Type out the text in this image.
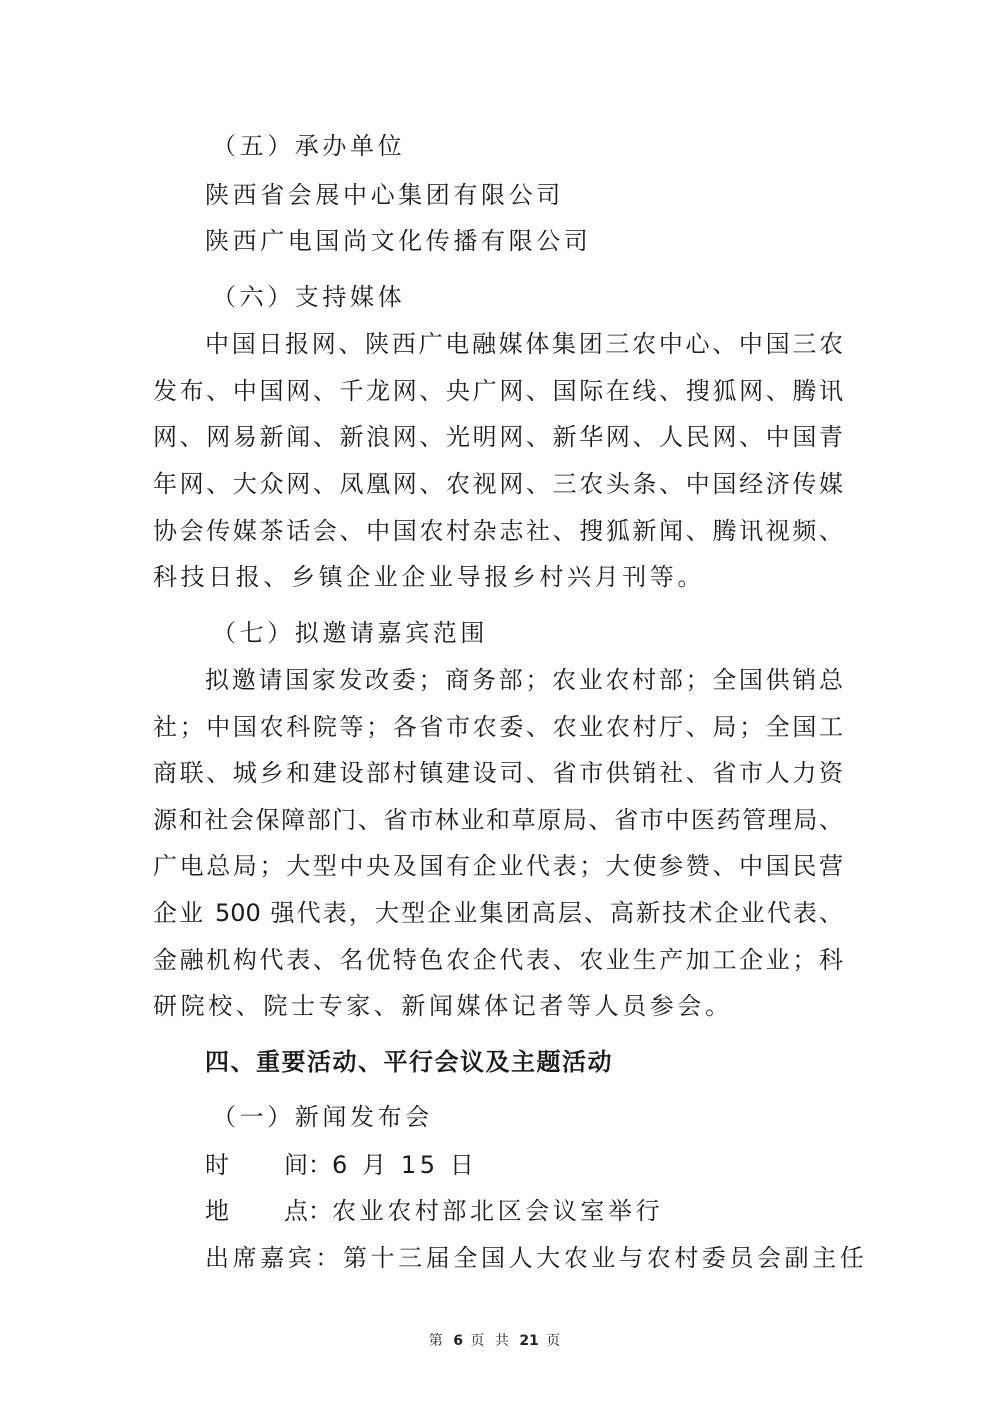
（五）承办单位
陕西省会展中心集团有限公司
陕西广电国尚文化传播有限公司
（六）支持媒体
中国日报网、陕西广电融媒体集团三农中心、中国三农
发布、中国网、千龙网、央广网、国际在线、搜狐网、腾讯
网、网易新闻、新浪网、光明网、新华网、人民网、中国青
年网、大众网、凤凰网、农视网、三农头条、中国经济传媒
协会传媒茶话会、中国农村杂志社、搜狐新闻、腾讯视频、
科技日报、乡镇企业企业导报乡村兴月刊等。
（七）拟邀请嘉宾范围
拟邀请国家发改委；商务部；农业农村部；全国供销总
社；中国农科院等；各省市农委、农业农村厅、局；全国工
商联、城乡和建设部村镇建设司、省市供销社、省市人力资
源和社会保障部门、省市林业和草原局、省市中医药管理局、
广电总局；大型中央及国有企业代表；大使参赞、中国民营
企业 500 强代表，大型企业集团高层、高新技术企业代表、
金融机构代表、名优特色农企代表、农业生产加工企业；科
研院校、院士专家、新闻媒体记者等人员参会。
四、重要活动、平行会议及主题活动
（一）新闻发布会
时 间： 6 月 15 日
地 点： 农业农村部北区会议室举行
出席嘉宾：第十三届全国人大农业与农村委员会副主任
第 6 页 共 21 页
